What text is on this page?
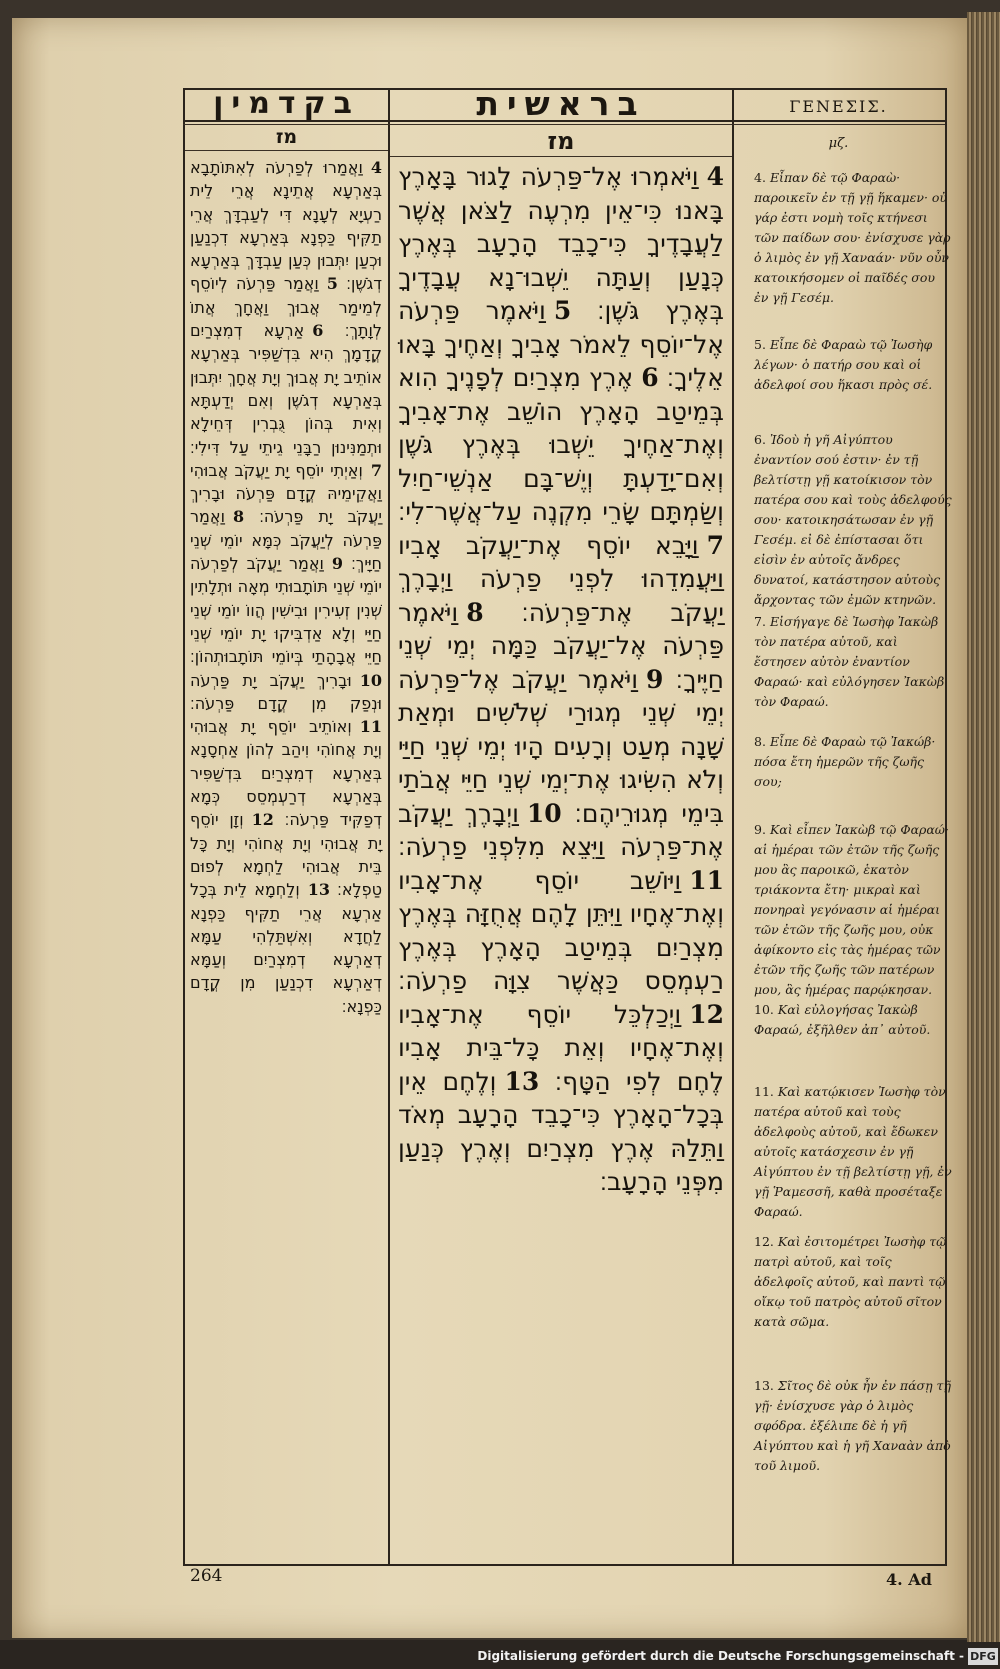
בקדמין	בראשית	ΓΕΝΕΣΙΣ.
מז	מז	μζ.
4וַיֹּאמְרוּ אֶל־פַּרְעֹה לָגוּר בָּאָרֶץ בָּאנוּ כִּי־אֵין מִרְעֶה לַצֹּאן אֲשֶׁר לַעֲבָדֶיךָ כִּי־כָבֵד הָרָעָב בְּאֶרֶץ כְּנָעַן וְעַתָּה יֵשְׁבוּ־נָא עֲבָדֶיךָ בְּאֶרֶץ גֹּשֶׁן׃ 5וַיֹּאמֶר פַּרְעֹה אֶל־יוֹסֵף לֵאמֹר אָבִיךָ וְאַחֶיךָ בָּאוּ אֵלֶיךָ׃ 6אֶרֶץ מִצְרַיִם לְפָנֶיךָ הִוא בְּמֵיטַב הָאָרֶץ הוֹשֵׁב אֶת־אָבִיךָ וְאֶת־אַחֶיךָ יֵשְׁבוּ בְּאֶרֶץ גֹּשֶׁן וְאִם־יָדַעְתָּ וְיֶשׁ־בָּם אַנְשֵׁי־חַיִל וְשַׂמְתָּם שָׂרֵי מִקְנֶה עַל־אֲשֶׁר־לִי׃ 7וַיָּבֵא יוֹסֵף אֶת־יַעֲקֹב אָבִיו וַיַּעֲמִדֵהוּ לִפְנֵי פַרְעֹה וַיְבָרֶךְ יַעֲקֹב אֶת־פַּרְעֹה׃ 8וַיֹּאמֶר פַּרְעֹה אֶל־יַעֲקֹב כַּמָּה יְמֵי שְׁנֵי חַיֶּיךָ׃ 9וַיֹּאמֶר יַעֲקֹב אֶל־פַּרְעֹה יְמֵי שְׁנֵי מְגוּרַי שְׁלֹשִׁים וּמְאַת שָׁנָה מְעַט וְרָעִים הָיוּ יְמֵי שְׁנֵי חַיַּי וְלֹא הִשִּׂיגוּ אֶת־יְמֵי שְׁנֵי חַיֵּי אֲבֹתַי בִּימֵי מְגוּרֵיהֶם׃ 10וַיְבָרֶךְ יַעֲקֹב אֶת־פַּרְעֹה וַיֵּצֵא מִלִּפְנֵי פַרְעֹה׃ 11וַיּוֹשֵׁב יוֹסֵף אֶת־אָבִיו וְאֶת־אֶחָיו וַיִּתֵּן לָהֶם אֲחֻזָּה בְּאֶרֶץ מִצְרַיִם בְּמֵיטַב הָאָרֶץ בְּאֶרֶץ רַעְמְסֵס כַּאֲשֶׁר צִוָּה פַרְעֹה׃ 12וַיְכַלְכֵּל יוֹסֵף אֶת־אָבִיו וְאֶת־אֶחָיו וְאֵת כָּל־בֵּית אָבִיו לֶחֶם לְפִי הַטָּף׃ 13וְלֶחֶם אֵין בְּכָל־הָאָרֶץ כִּי־כָבֵד הָרָעָב מְאֹד וַתֵּלַהּ אֶרֶץ מִצְרַיִם וְאֶרֶץ כְּנַעַן מִפְּנֵי הָרָעָב׃
4וַאֲמַרוּ לְפַרְעֹה לְאִתּוֹתָבָא בְּאַרְעָא אֲתֵינָא אֲרֵי לֵית רַעְיָא לְעָנָא דִּי לְעַבְדָּךְ אֲרֵי תַקִּיף כַּפְנָא בְּאַרְעָא דִכְנַעַן וּכְעַן יִתְּבוּן כְּעַן עַבְדָּךְ בְּאַרְעָא דְגֹשֶׁן׃ 5וַאֲמַר פַּרְעֹה לְיוֹסֵף לְמֵימַר אֲבוּךְ וַאֲחָךְ אֲתוֹ לְוָתָךְ׃ 6אַרְעָא דְמִצְרַיִם קֳדָמָךְ הִיא בִּדְשַׁפִּיר בְּאַרְעָא אוֹתֵיב יָת אֲבוּךְ וְיָת אֲחָךְ יִתְּבוּן בְּאַרְעָא דְגֹשֶׁן וְאִם יְדַעְתָּא וְאִית בְּהוֹן גֻּבְרִין דְּחֵילָא וּתְמַנִּינוּן רַבָּנֵי גֵיתֵי עַל דִּילִי׃ 7וְאַיְתִי יוֹסֵף יָת יַעֲקֹב אֲבוּהִי וַאֲקֵימֵיהּ קֳדָם פַּרְעֹה וּבָרִיךְ יַעֲקֹב יָת פַּרְעֹה׃ 8וַאֲמַר פַּרְעֹה לְיַעֲקֹב כְּמָּא יוֹמֵי שְׁנֵי חַיָּיךְ׃ 9וַאֲמַר יַעֲקֹב לְפַרְעֹה יוֹמֵי שְׁנֵי תּוֹתָבוּתִי מְאָה וּתְלָתִין שְׁנִין זְעִירִין וּבִישִׁין הֲווֹ יוֹמֵי שְׁנֵי חַיַּי וְלָא אַדְבִּיקוּ יָת יוֹמֵי שְׁנֵי חַיֵּי אֲבָהָתַי בְּיוֹמֵי תּוֹתָבוּתְהוֹן׃ 10וּבָרִיךְ יַעֲקֹב יָת פַּרְעֹה וּנְפַק מִן קֳדָם פַּרְעֹה׃ 11וְאוֹתֵיב יוֹסֵף יָת אֲבוּהִי וְיָת אֲחוֹהִי וִיהַב לְהוֹן אַחְסָנָא בְּאַרְעָא דְמִצְרַיִם בִּדְשַׁפִּיר בְּאַרְעָא דְרַעְמְסֵס כְּמָא דְפַקִּיד פַּרְעֹה׃ 12וְזָן יוֹסֵף יָת אֲבוּהִי וְיָת אֲחוֹהִי וְיָת כָּל בֵּית אֲבוּהִי לַחְמָא לְפוּם טַפְלָא׃ 13וְלַחְמָא לֵית בְּכָל אַרְעָא אֲרֵי תַקִּיף כַּפְנָא לַחֲדָא וְאִשְׁתַּלְהִי עַמָּא דְאַרְעָא דְמִצְרַיִם וְעַמָּא דְאַרְעָא דִכְנַעַן מִן קֳדָם כַּפְנָא׃
4. Εἶπαν δὲ τῷ Φαραὼ· παροικεῖν ἐν τῇ γῇ ἥκαμεν· οὐ γάρ ἐστι νομὴ τοῖς κτήνεσι τῶν παίδων σου· ἐνίσχυσε γὰρ ὁ λιμὸς ἐν γῇ Χαναάν· νῦν οὖν κατοικήσομεν οἱ παῖδές σου ἐν γῇ Γεσέμ.
5. Εἶπε δὲ Φαραὼ τῷ Ἰωσὴφ λέγων· ὁ πατήρ σου καὶ οἱ ἀδελφοί σου ἥκασι πρὸς σέ.
6. Ἰδοὺ ἡ γῆ Αἰγύπτου ἐναντίον σού ἐστιν· ἐν τῇ βελτίστῃ γῇ κατοίκισον τὸν πατέρα σου καὶ τοὺς ἀδελφούς σου· κατοικησάτωσαν ἐν γῇ Γεσέμ. εἰ δὲ ἐπίστασαι ὅτι εἰσὶν ἐν αὐτοῖς ἄνδρες δυνατοί, κατάστησον αὐτοὺς ἄρχοντας τῶν ἐμῶν κτηνῶν.
7. Εἰσήγαγε δὲ Ἰωσὴφ Ἰακὼβ τὸν πατέρα αὐτοῦ, καὶ ἔστησεν αὐτὸν ἐναντίον Φαραώ· καὶ εὐλόγησεν Ἰακὼβ τὸν Φαραώ.
8. Εἶπε δὲ Φαραὼ τῷ Ἰακώβ· πόσα ἔτη ἡμερῶν τῆς ζωῆς σου;
9. Καὶ εἶπεν Ἰακὼβ τῷ Φαραώ· αἱ ἡμέραι τῶν ἐτῶν τῆς ζωῆς μου ἃς παροικῶ, ἑκατὸν τριάκοντα ἔτη· μικραὶ καὶ πονηραὶ γεγόνασιν αἱ ἡμέραι τῶν ἐτῶν τῆς ζωῆς μου, οὐκ ἀφίκοντο εἰς τὰς ἡμέρας τῶν ἐτῶν τῆς ζωῆς τῶν πατέρων μου, ἃς ἡμέρας παρῴκησαν.
10. Καὶ εὐλογήσας Ἰακὼβ Φαραώ, ἐξῆλθεν ἀπ᾽ αὐτοῦ.
11. Καὶ κατῴκισεν Ἰωσὴφ τὸν πατέρα αὐτοῦ καὶ τοὺς ἀδελφοὺς αὐτοῦ, καὶ ἔδωκεν αὐτοῖς κατάσχεσιν ἐν γῇ Αἰγύπτου ἐν τῇ βελτίστῃ γῇ, ἐν γῇ Ῥαμεσσῆ, καθὰ προσέταξε Φαραώ.
12. Καὶ ἐσιτομέτρει Ἰωσὴφ τῷ πατρὶ αὐτοῦ, καὶ τοῖς ἀδελφοῖς αὐτοῦ, καὶ παντὶ τῷ οἴκῳ τοῦ πατρὸς αὐτοῦ σῖτον κατὰ σῶμα.
13. Σῖτος δὲ οὐκ ἦν ἐν πάσῃ τῇ γῇ· ἐνίσχυσε γὰρ ὁ λιμὸς σφόδρα. ἐξέλιπε δὲ ἡ γῆ Αἰγύπτου καὶ ἡ γῆ Χαναὰν ἀπὸ τοῦ λιμοῦ.
264	4. Ad
Digitalisierung gefördert durch die Deutsche Forschungsgemeinschaft - DFG
